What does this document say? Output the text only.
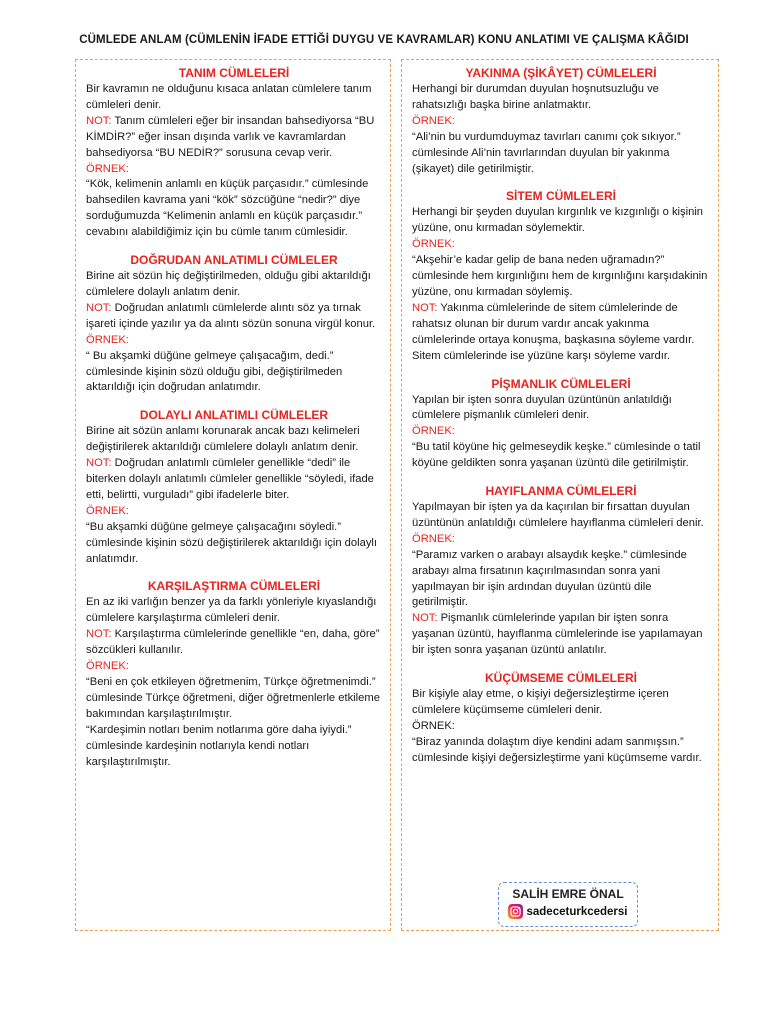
CÜMLEDE ANLAM (CÜMLENİN İFADE ETTİĞİ DUYGU VE KAVRAMLAR) KONU ANLATIMI VE ÇALIŞMA KÂĞIDI
TANIM CÜMLELERİ

Bir kavramın ne olduğunu kısaca anlatan cümlelere tanım cümleleri denir.

NOT: Tanım cümleleri eğer bir insandan bahsediyorsa “BU KİMDİR?” eğer insan dışında varlık ve kavramlardan bahsediyorsa “BU NEDİR?” sorusuna cevap verir.

ÖRNEK:
“Kök, kelimenin anlamlı en küçük parçasıdır.” cümlesinde bahsedilen kavrama yani “kök” sözcüğüne “nedir?” diye sorduğumuzda “Kelimenin anlamlı en küçük parçasıdır.” cevabını alabildiğimiz için bu cümle tanım cümlesidir.

DOĞRUDAN ANLATIMLI CÜMLELER

Birine ait sözün hiç değiştirilmeden, olduğu gibi aktarıldığı cümlelere dolaylı anlatım denir.

NOT: Doğrudan anlatımlı cümlelerde alıntı söz ya tırnak işareti içinde yazılır ya da alıntı sözün sonuna virgül konur.

ÖRNEK:
“ Bu akşamki düğüne gelmeye çalışacağım, dedi.” cümlesinde kişinin sözü olduğu gibi, değiştirilmeden aktarıldığı için doğrudan anlatımdır.

DOLAYLI ANLATIMLI CÜMLELER

Birine ait sözün anlamı korunarak ancak bazı kelimeleri değiştirilerek aktarıldığı cümlelere dolaylı anlatım denir.

NOT: Doğrudan anlatımlı cümleler genellikle “dedi” ile biterken dolaylı anlatımlı cümleler genellikle “söyledi, ifade etti, belirtti, vurguladı” gibi ifadelerle biter.

ÖRNEK:
“Bu akşamki düğüne gelmeye çalışacağını söyledi.” cümlesinde kişinin sözü değiştirilerek aktarıldığı için dolaylı anlatımdır.

KARŞILAŞTIRMA CÜMLELERİ

En az iki varlığın benzer ya da farklı yönleriyle kıyaslandığı cümlelere karşılaştırma cümleleri denir.

NOT: Karşılaştırma cümlelerinde genellikle “en, daha, göre” sözcükleri kullanılır.

ÖRNEK:
“Beni en çok etkileyen öğretmenim, Türkçe öğretmenimdi.” cümlesinde Türkçe öğretmeni, diğer öğretmenlerle etkileme bakımından karşılaştırılmıştır.

“Kardeşimin notları benim notlarıma göre daha iyiydi.” cümlesinde kardeşinin notlarıyla kendi notları karşılaştırılmıştır.

YAKINMA (ŞİKÂYET) CÜMLELERİ

Herhangi bir durumdan duyulan hoşnutsuzluğu ve rahatsızlığı başka birine anlatmaktır.

ÖRNEK:
“Ali’nin bu vurdumduymaz tavırları canımı çok sıkıyor.” cümlesinde Ali’nin tavırlarından duyulan bir yakınma (şikayet) dile getirilmiştir.

SİTEM CÜMLELERİ

Herhangi bir şeyden duyulan kırgınlık ve kızgınlığı o kişinin yüzüne, onu kırmadan söylemektir.

ÖRNEK:
“Akşehir’e kadar gelip de bana neden uğramadın?” cümlesinde hem kırgınlığını hem de kırgınlığını karşıdakinin yüzüne, onu kırmadan söylemiş.

NOT: Yakınma cümlelerinde de sitem cümlelerinde de rahatsız olunan bir durum vardır ancak yakınma cümlelerinde ortaya konuşma, başkasına söyleme vardır. Sitem cümlelerinde ise yüzüne karşı söyleme vardır.

PİŞMANLIK CÜMLELERİ

Yapılan bir işten sonra duyulan üzüntünün anlatıldığı cümlelere pişmanlık cümleleri denir.

ÖRNEK:
“Bu tatil köyüne hiç gelmeseydik keşke.” cümlesinde o tatil köyüne geldikten sonra yaşanan üzüntü dile getirilmiştir.

HAYIFLANMA CÜMLELERİ

Yapılmayan bir işten ya da kaçırılan bir fırsattan duyulan üzüntünün anlatıldığı cümlelere hayıflanma cümleleri denir.

ÖRNEK:
“Paramız varken o arabayı alsaydık keşke.” cümlesinde arabayı alma fırsatının kaçırılmasından sonra yani yapılmayan bir işin ardından duyulan üzüntü dile getirilmiştir.

NOT: Pişmanlık cümlelerinde yapılan bir işten sonra yaşanan üzüntü, hayıflanma cümlelerinde ise yapılamayan bir işten sonra yaşanan üzüntü anlatılır.

KÜÇÜMSEME CÜMLELERİ

Bir kişiyle alay etme, o kişiyi değersizleştirme içeren cümlelere küçümseme cümleleri denir.

ÖRNEK:
“Biraz yanında dolaştım diye kendini adam sanmışsın.” cümlesinde kişiyi değersizleştirme yani küçümseme vardır.

SALİH EMRE ÖNAL
sadeceturkcedersi
